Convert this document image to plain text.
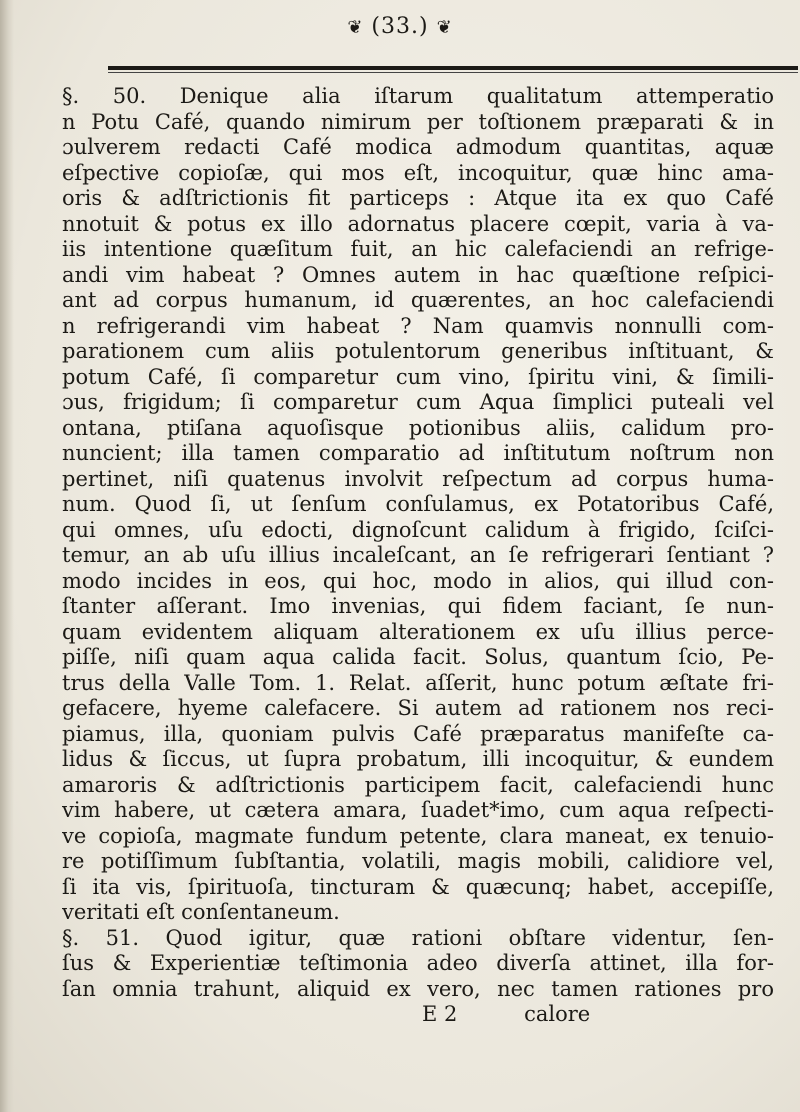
❦ (33.) ❦
§. 50. Denique alia iſtarum qualitatum attemperatio
n Potu Café, quando nimirum per toſtionem præparati & in
ɔulverem redacti Café modica admodum quantitas, aquæ
eſpective copioſæ, qui mos eſt, incoquitur, quæ hinc ama-
oris & adſtrictionis fit particeps : Atque ita ex quo Café
nnotuit & potus ex illo adornatus placere cœpit, varia à va-
iis intentione quæſitum fuit, an hic calefaciendi an refrige-
andi vim habeat ? Omnes autem in hac quæſtione reſpici-
ant ad corpus humanum, id quærentes, an hoc calefaciendi
n refrigerandi vim habeat ? Nam quamvis nonnulli com-
parationem cum aliis potulentorum generibus inſtituant, &
potum Café, ſi comparetur cum vino, ſpiritu vini, & ſimili-
ɔus, frigidum; ſi comparetur cum Aqua ſimplici puteali vel
ontana, ptiſana aquoſisque potionibus aliis, calidum pro-
nuncient; illa tamen comparatio ad inſtitutum noſtrum non
pertinet, niſi quatenus involvit reſpectum ad corpus huma-
num. Quod ſi, ut ſenſum conſulamus, ex Potatoribus Café,
qui omnes, uſu edocti, dignoſcunt calidum à frigido, ſciſci-
temur, an ab uſu illius incaleſcant, an ſe refrigerari ſentiant ?
modo incides in eos, qui hoc, modo in alios, qui illud con-
ſtanter aſſerant. Imo invenias, qui fidem faciant, ſe nun-
quam evidentem aliquam alterationem ex uſu illius perce-
piſſe, niſi quam aqua calida facit. Solus, quantum ſcio, Pe-
trus della Valle Tom. 1. Relat. aſſerit, hunc potum æſtate fri-
gefacere, hyeme calefacere. Si autem ad rationem nos reci-
piamus, illa, quoniam pulvis Café præparatus manifeſte ca-
lidus & ſiccus, ut ſupra probatum, illi incoquitur, & eundem
amaroris & adſtrictionis participem facit, calefaciendi hunc
vim habere, ut cætera amara, ſuadet*imo, cum aqua reſpecti-
ve copioſa, magmate fundum petente, clara maneat, ex tenuio-
re potiſſimum ſubſtantia, volatili, magis mobili, calidiore vel,
ſi ita vis, ſpirituoſa, tincturam & quæcunq; habet, accepiſſe,
veritati eſt conſentaneum.
§. 51. Quod igitur, quæ rationi obſtare videntur, ſen-
ſus & Experientiæ teſtimonia adeo diverſa attinet, illa for-
ſan omnia trahunt, aliquid ex vero, nec tamen rationes pro
E 2          calore
